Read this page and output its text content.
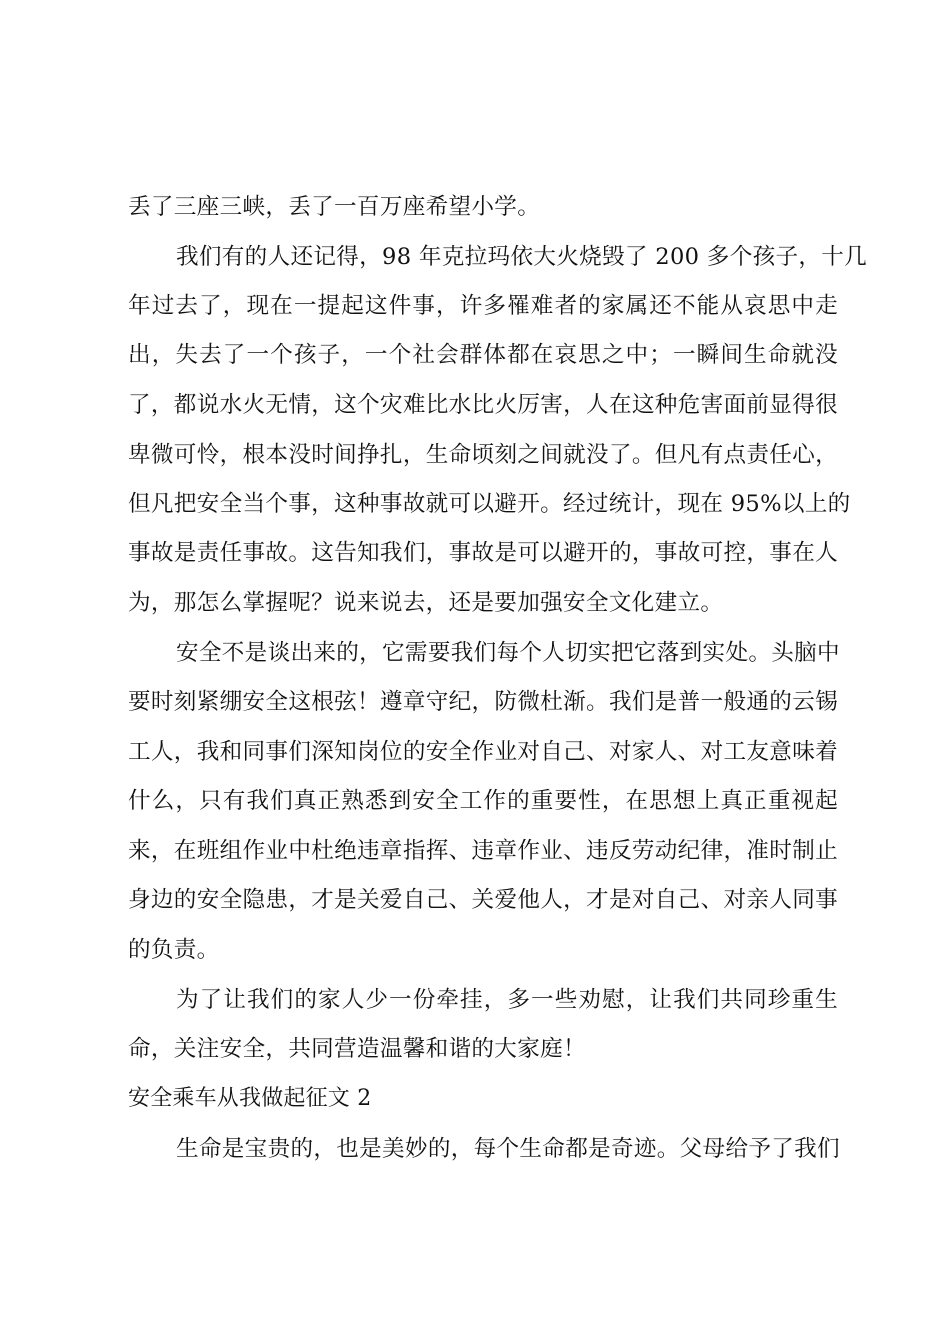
丢了三座三峡，丢了一百万座希望小学。
我们有的人还记得，98 年克拉玛依大火烧毁了 200 多个孩子，十几
年过去了，现在一提起这件事，许多罹难者的家属还不能从哀思中走
出，失去了一个孩子，一个社会群体都在哀思之中；一瞬间生命就没
了，都说水火无情，这个灾难比水比火厉害，人在这种危害面前显得很
卑微可怜，根本没时间挣扎，生命顷刻之间就没了。但凡有点责任心，
但凡把安全当个事，这种事故就可以避开。经过统计，现在 95%以上的
事故是责任事故。这告知我们，事故是可以避开的，事故可控，事在人
为，那怎么掌握呢？说来说去，还是要加强安全文化建立。
安全不是谈出来的，它需要我们每个人切实把它落到实处。头脑中
要时刻紧绷安全这根弦！遵章守纪，防微杜渐。我们是普一般通的云锡
工人，我和同事们深知岗位的安全作业对自己、对家人、对工友意味着
什么，只有我们真正熟悉到安全工作的重要性，在思想上真正重视起
来，在班组作业中杜绝违章指挥、违章作业、违反劳动纪律，准时制止
身边的安全隐患，才是关爱自己、关爱他人，才是对自己、对亲人同事
的负责。
为了让我们的家人少一份牵挂，多一些劝慰，让我们共同珍重生
命，关注安全，共同营造温馨和谐的大家庭！
安全乘车从我做起征文 2
生命是宝贵的，也是美妙的，每个生命都是奇迹。父母给予了我们
